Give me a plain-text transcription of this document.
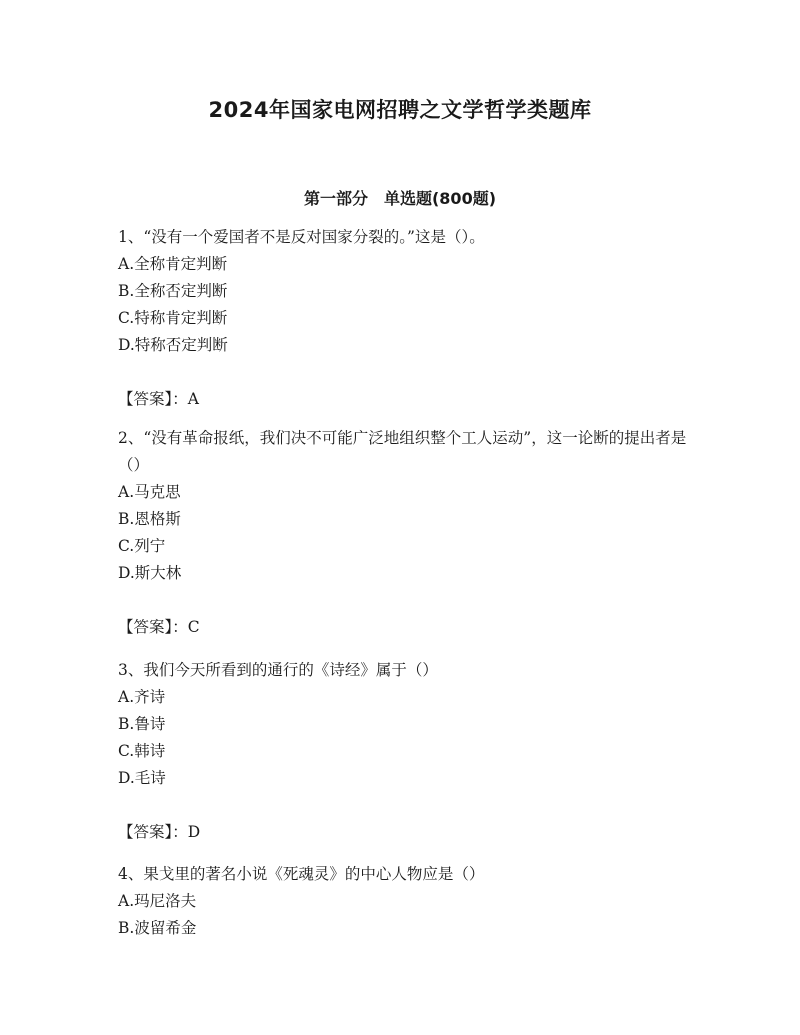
2024年国家电网招聘之文学哲学类题库
第一部分　单选题(800题)

1、“没有一个爱国者不是反对国家分裂的。”这是（）。

A.全称肯定判断

B.全称否定判断

C.特称肯定判断

D.特称否定判断

【答案】：A

2、“没有革命报纸，我们决不可能广泛地组织整个工人运动”，这一论断的提出者是（）

A.马克思

B.恩格斯

C.列宁

D.斯大林

【答案】：C

3、我们今天所看到的通行的《诗经》属于（）

A.齐诗

B.鲁诗

C.韩诗

D.毛诗

【答案】：D

4、果戈里的著名小说《死魂灵》的中心人物应是（）

A.玛尼洛夫

B.波留希金
